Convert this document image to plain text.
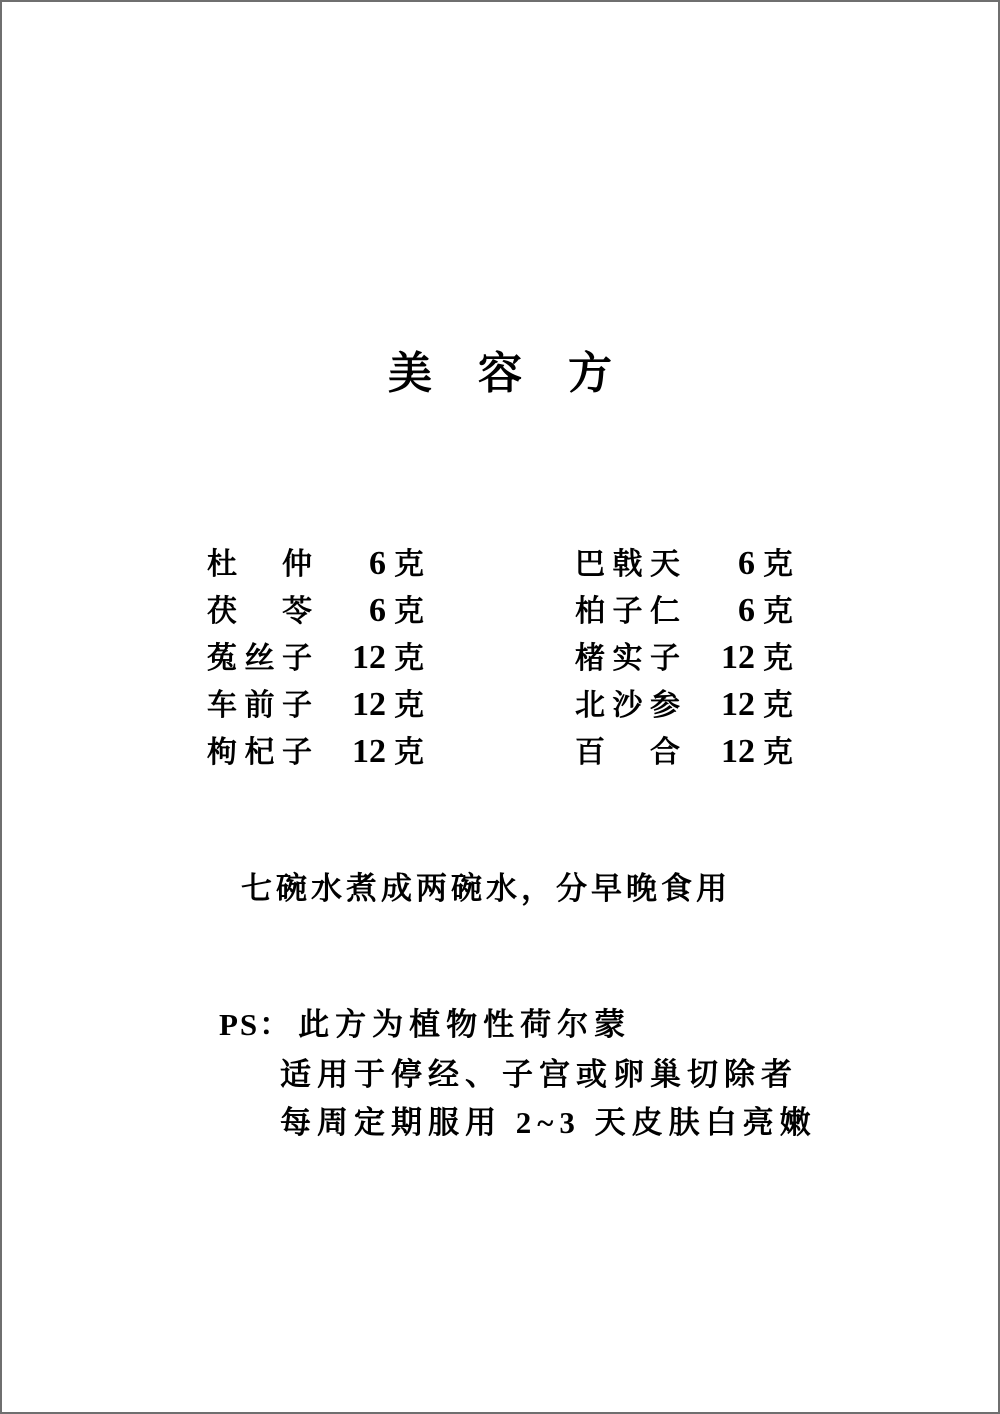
美容方
杜仲	6 克	巴戟天	6 克
茯苓	6 克	柏子仁	6 克
菟丝子	12 克	楮实子	12 克
车前子	12 克	北沙参	12 克
枸杞子	12 克	百合	12 克

七碗水煮成两碗水，分早晚食用

PS： 此方为植物性荷尔蒙

适用于停经、子宫或卵巢切除者

每周定期服用 2~3 天皮肤白亮嫩
